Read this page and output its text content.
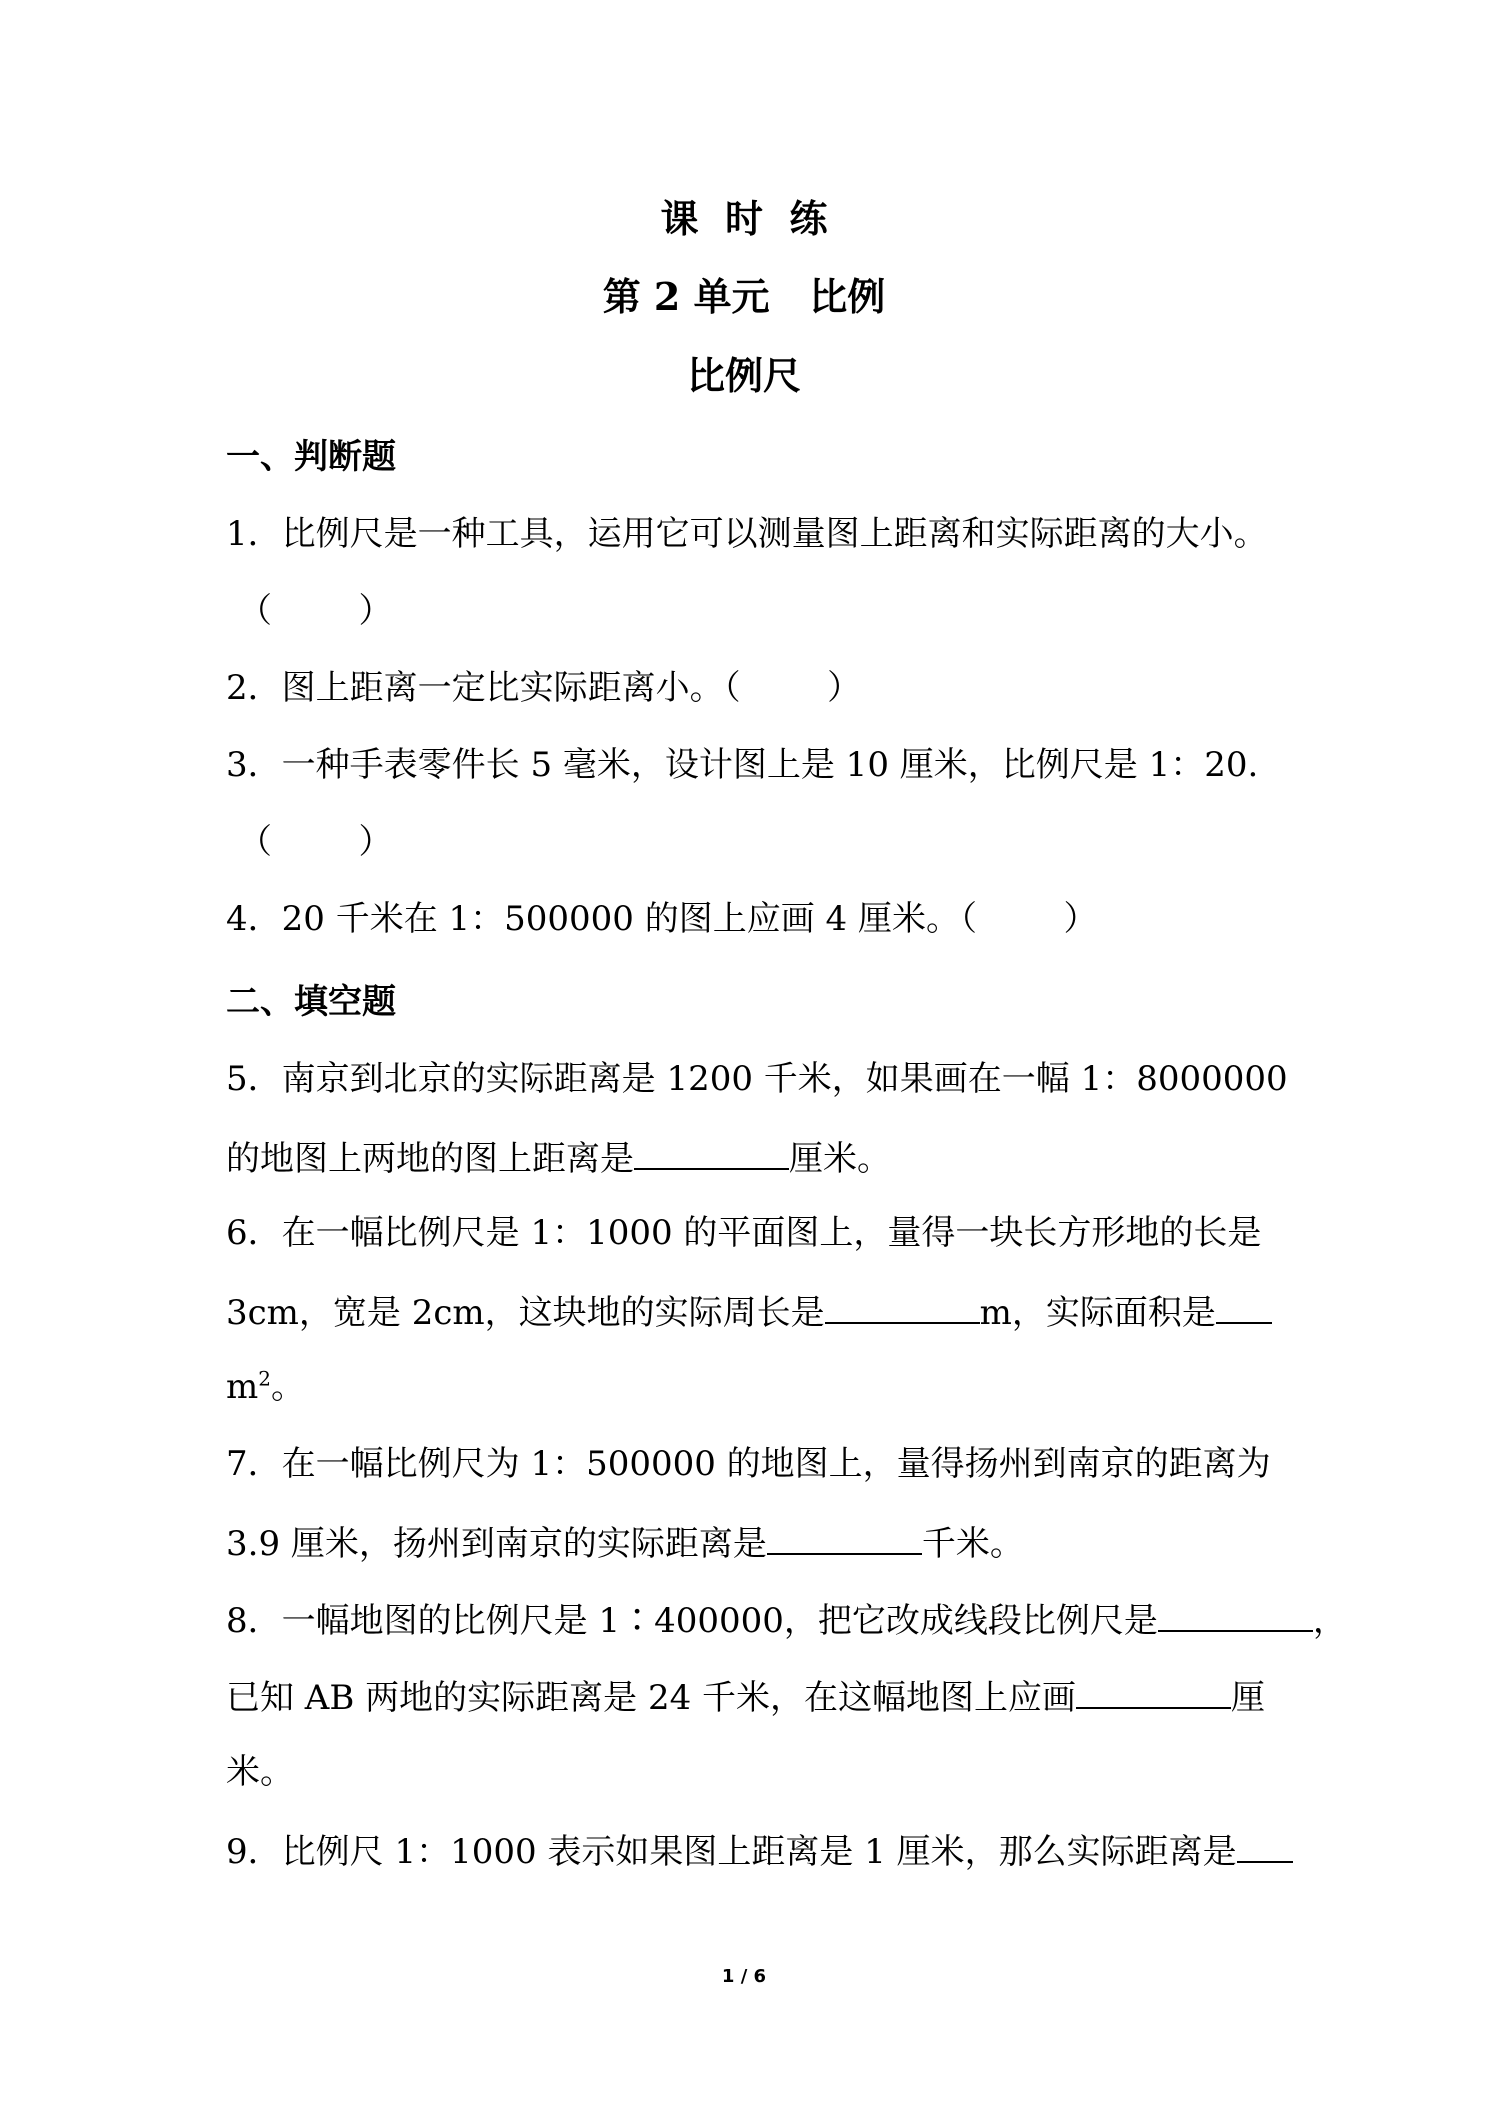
课  时  练
第 2 单元   比例
比例尺
一、判断题
1．比例尺是一种工具，运用它可以测量图上距离和实际距离的大小。
（        ）
2．图上距离一定比实际距离小。（        ）
3．一种手表零件长 5 毫米，设计图上是 10 厘米，比例尺是 1：20.
（        ）
4．20 千米在 1：500000 的图上应画 4 厘米。（        ）
二、填空题
5．南京到北京的实际距离是 1200 千米，如果画在一幅 1：8000000
的地图上两地的图上距离是	厘米。
6．在一幅比例尺是 1：1000 的平面图上，量得一块长方形地的长是
3cm，宽是 2cm，这块地的实际周长是	m，实际面积是
$m^2$。
7．在一幅比例尺为 1：500000 的地图上，量得扬州到南京的距离为
3.9 厘米，扬州到南京的实际距离是	千米。
8．一幅地图的比例尺是 1∶400000，把它改成线段比例尺是	，
已知 AB 两地的实际距离是 24 千米，在这幅地图上应画	厘
米。
9．比例尺 1：1000 表示如果图上距离是 1 厘米，那么实际距离是
1 / 6
